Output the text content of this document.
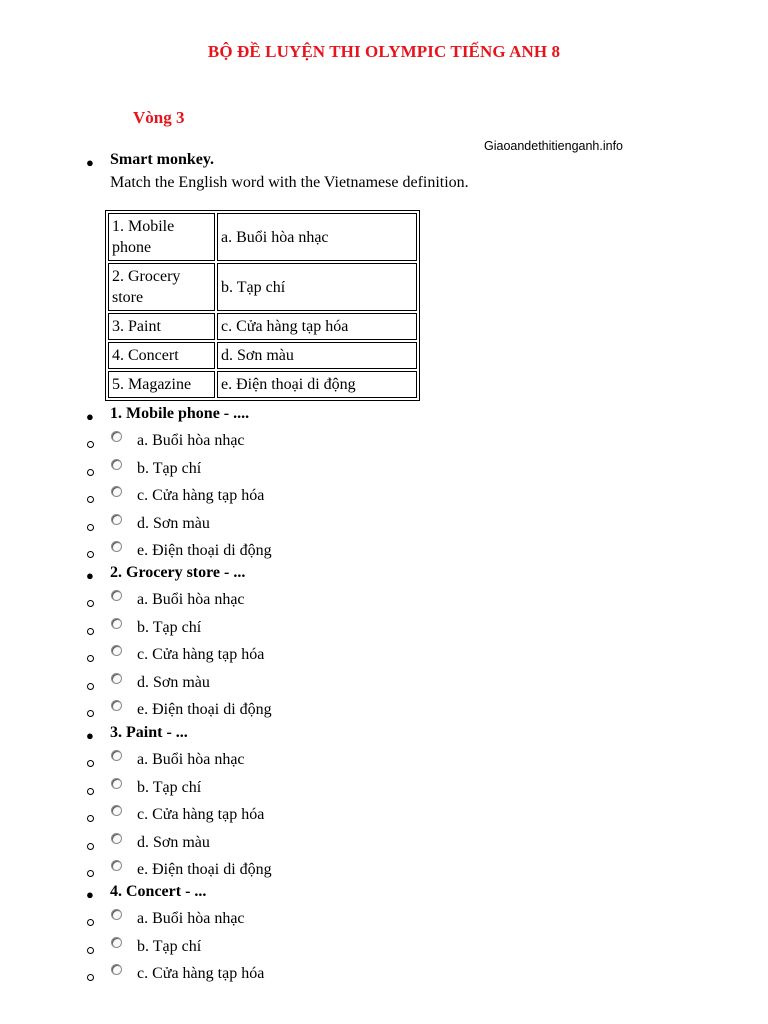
BỘ ĐỀ LUYỆN THI OLYMPIC TIẾNG ANH 8
Vòng 3
Giaoandethitienganh.info
● Smart monkey.
Match the English word with the Vietnamese definition.
1. Mobile phone	a. Buổi hòa nhạc
2. Grocery store	b. Tạp chí
3. Paint	c. Cửa hàng tạp hóa
4. Concert	d. Sơn màu
5. Magazine	e. Điện thoại di động
● 1. Mobile phone - ....
a. Buổi hòa nhạc
b. Tạp chí
c. Cửa hàng tạp hóa
d. Sơn màu
e. Điện thoại di động
● 2. Grocery store - ...
a. Buổi hòa nhạc
b. Tạp chí
c. Cửa hàng tạp hóa
d. Sơn màu
e. Điện thoại di động
● 3. Paint - ...
a. Buổi hòa nhạc
b. Tạp chí
c. Cửa hàng tạp hóa
d. Sơn màu
e. Điện thoại di động
● 4. Concert - ...
a. Buổi hòa nhạc
b. Tạp chí
c. Cửa hàng tạp hóa
